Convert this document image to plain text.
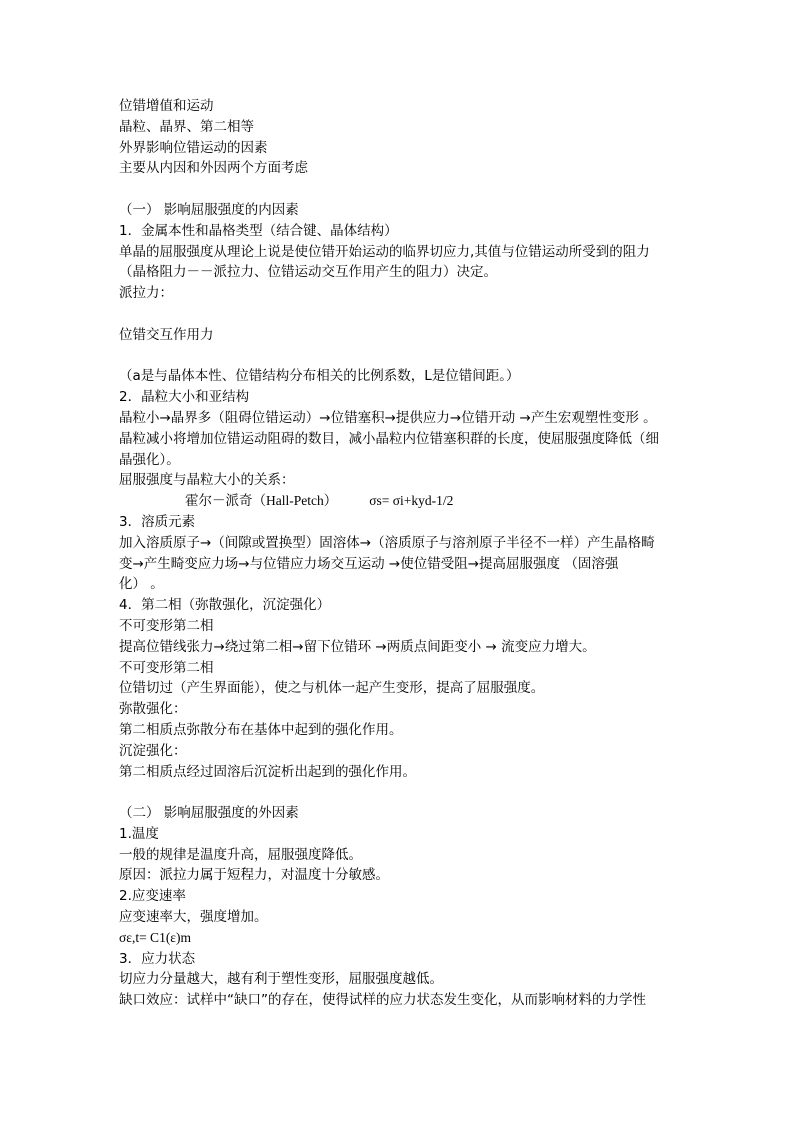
位错增值和运动
晶粒、晶界、第二相等
外界影响位错运动的因素
主要从内因和外因两个方面考虑
（一） 影响屈服强度的内因素
1．金属本性和晶格类型（结合键、晶体结构）
单晶的屈服强度从理论上说是使位错开始运动的临界切应力,其值与位错运动所受到的阻力
（晶格阻力－－派拉力、位错运动交互作用产生的阻力）决定。
派拉力：
位错交互作用力
（a是与晶体本性、位错结构分布相关的比例系数，L是位错间距。）
2．晶粒大小和亚结构
晶粒小→晶界多（阻碍位错运动）→位错塞积→提供应力→位错开动 →产生宏观塑性变形 。
晶粒减小将增加位错运动阻碍的数目，减小晶粒内位错塞积群的长度，使屈服强度降低（细
晶强化）。
屈服强度与晶粒大小的关系：
霍尔－派奇（Hall-Petch） σs= σi+kyd-1/2
3．溶质元素
加入溶质原子→（间隙或置换型）固溶体→（溶质原子与溶剂原子半径不一样）产生晶格畸
变→产生畸变应力场→与位错应力场交互运动 →使位错受阻→提高屈服强度 （固溶强
化） 。
4．第二相（弥散强化，沉淀强化）
不可变形第二相
提高位错线张力→绕过第二相→留下位错环 →两质点间距变小 → 流变应力增大。
不可变形第二相
位错切过（产生界面能），使之与机体一起产生变形，提高了屈服强度。
弥散强化：
第二相质点弥散分布在基体中起到的强化作用。
沉淀强化：
第二相质点经过固溶后沉淀析出起到的强化作用。
（二） 影响屈服强度的外因素
1.温度
一般的规律是温度升高，屈服强度降低。
原因：派拉力属于短程力，对温度十分敏感。
2.应变速率
应变速率大，强度增加。
σε,t= C1(ε)m
3．应力状态
切应力分量越大，越有利于塑性变形，屈服强度越低。
缺口效应：试样中“缺口”的存在，使得试样的应力状态发生变化，从而影响材料的力学性
